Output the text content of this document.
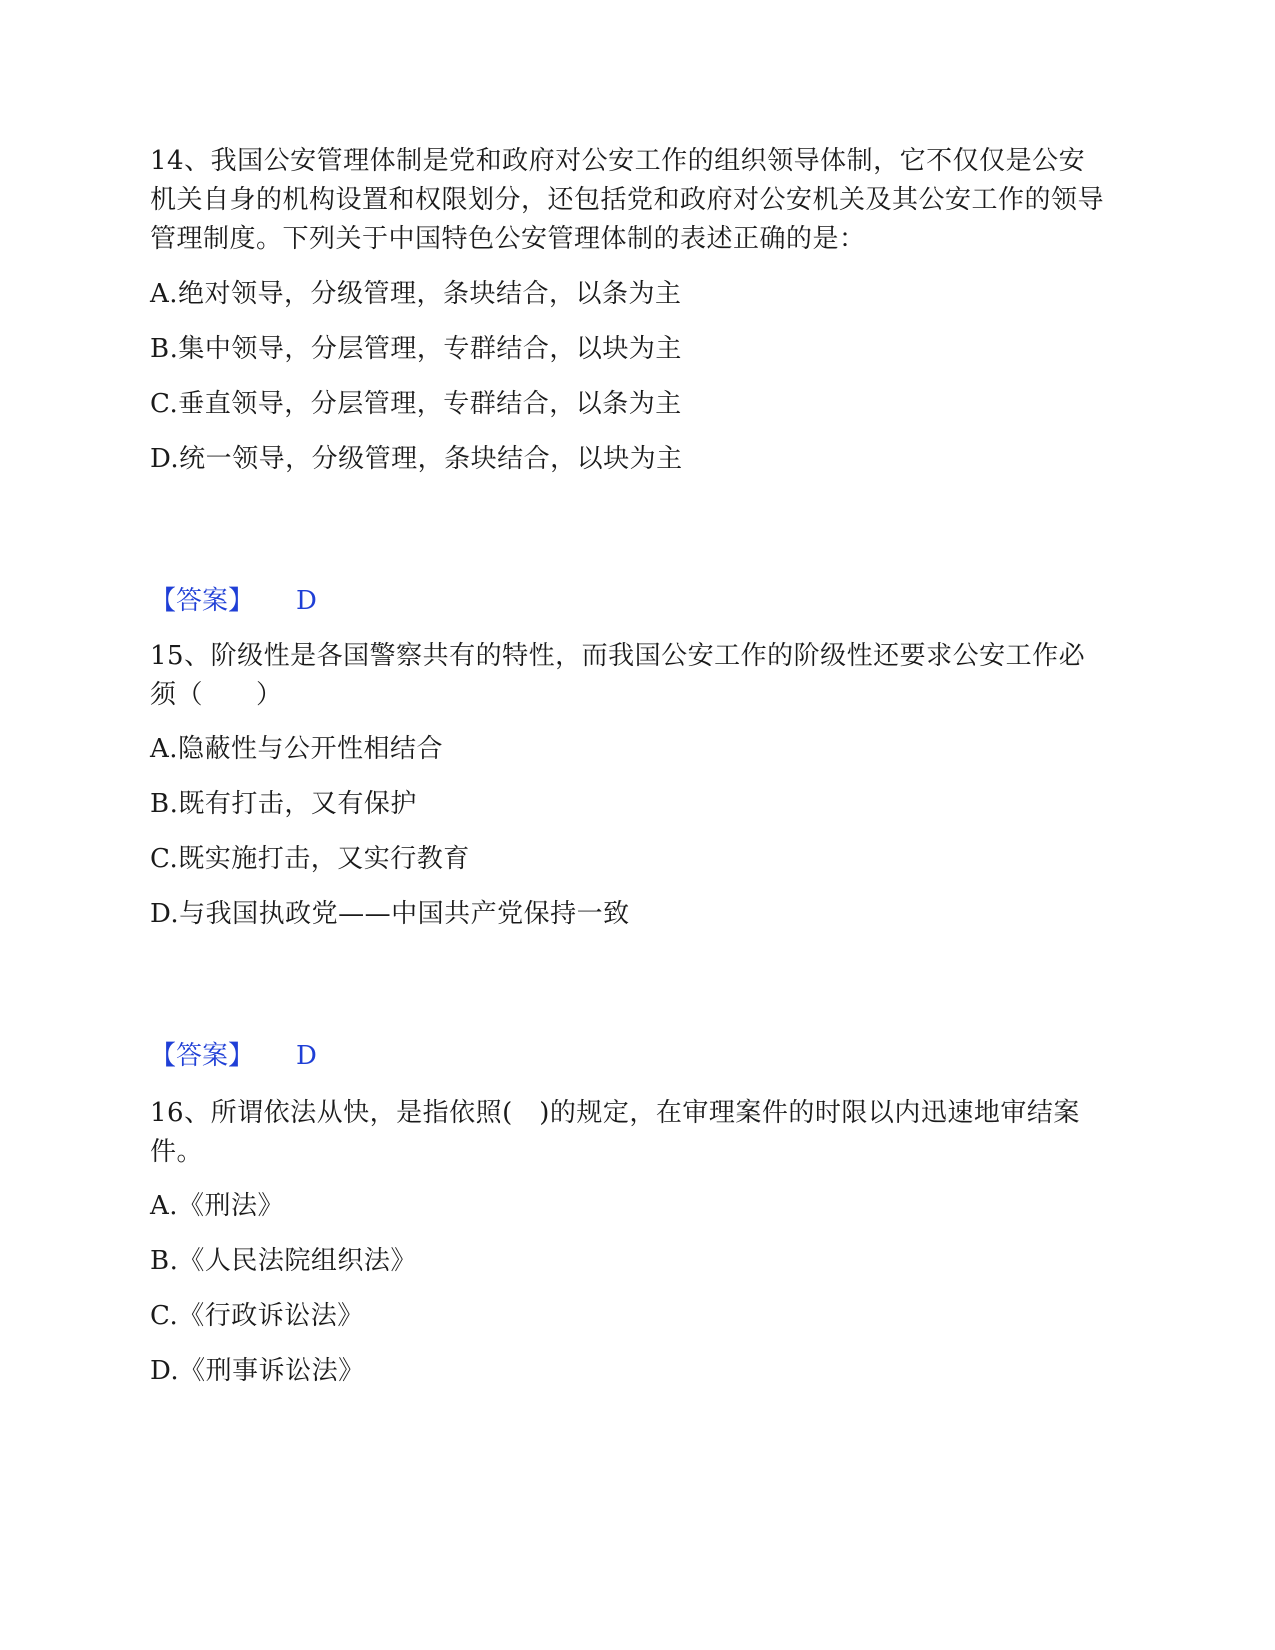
14、我国公安管理体制是党和政府对公安工作的组织领导体制，它不仅仅是公安机关自身的机构设置和权限划分，还包括党和政府对公安机关及其公安工作的领导管理制度。下列关于中国特色公安管理体制的表述正确的是：

A.绝对领导，分级管理，条块结合，以条为主
B.集中领导，分层管理，专群结合，以块为主
C.垂直领导，分层管理，专群结合，以条为主
D.统一领导，分级管理，条块结合，以块为主
【答案】 D

15、阶级性是各国警察共有的特性，而我国公安工作的阶级性还要求公安工作必须（　　）

A.隐蔽性与公开性相结合
B.既有打击，又有保护
C.既实施打击，又实行教育
D.与我国执政党——中国共产党保持一致
【答案】 D

16、所谓依法从快，是指依照(　)的规定，在审理案件的时限以内迅速地审结案件。

A.《刑法》
B.《人民法院组织法》
C.《行政诉讼法》
D.《刑事诉讼法》
